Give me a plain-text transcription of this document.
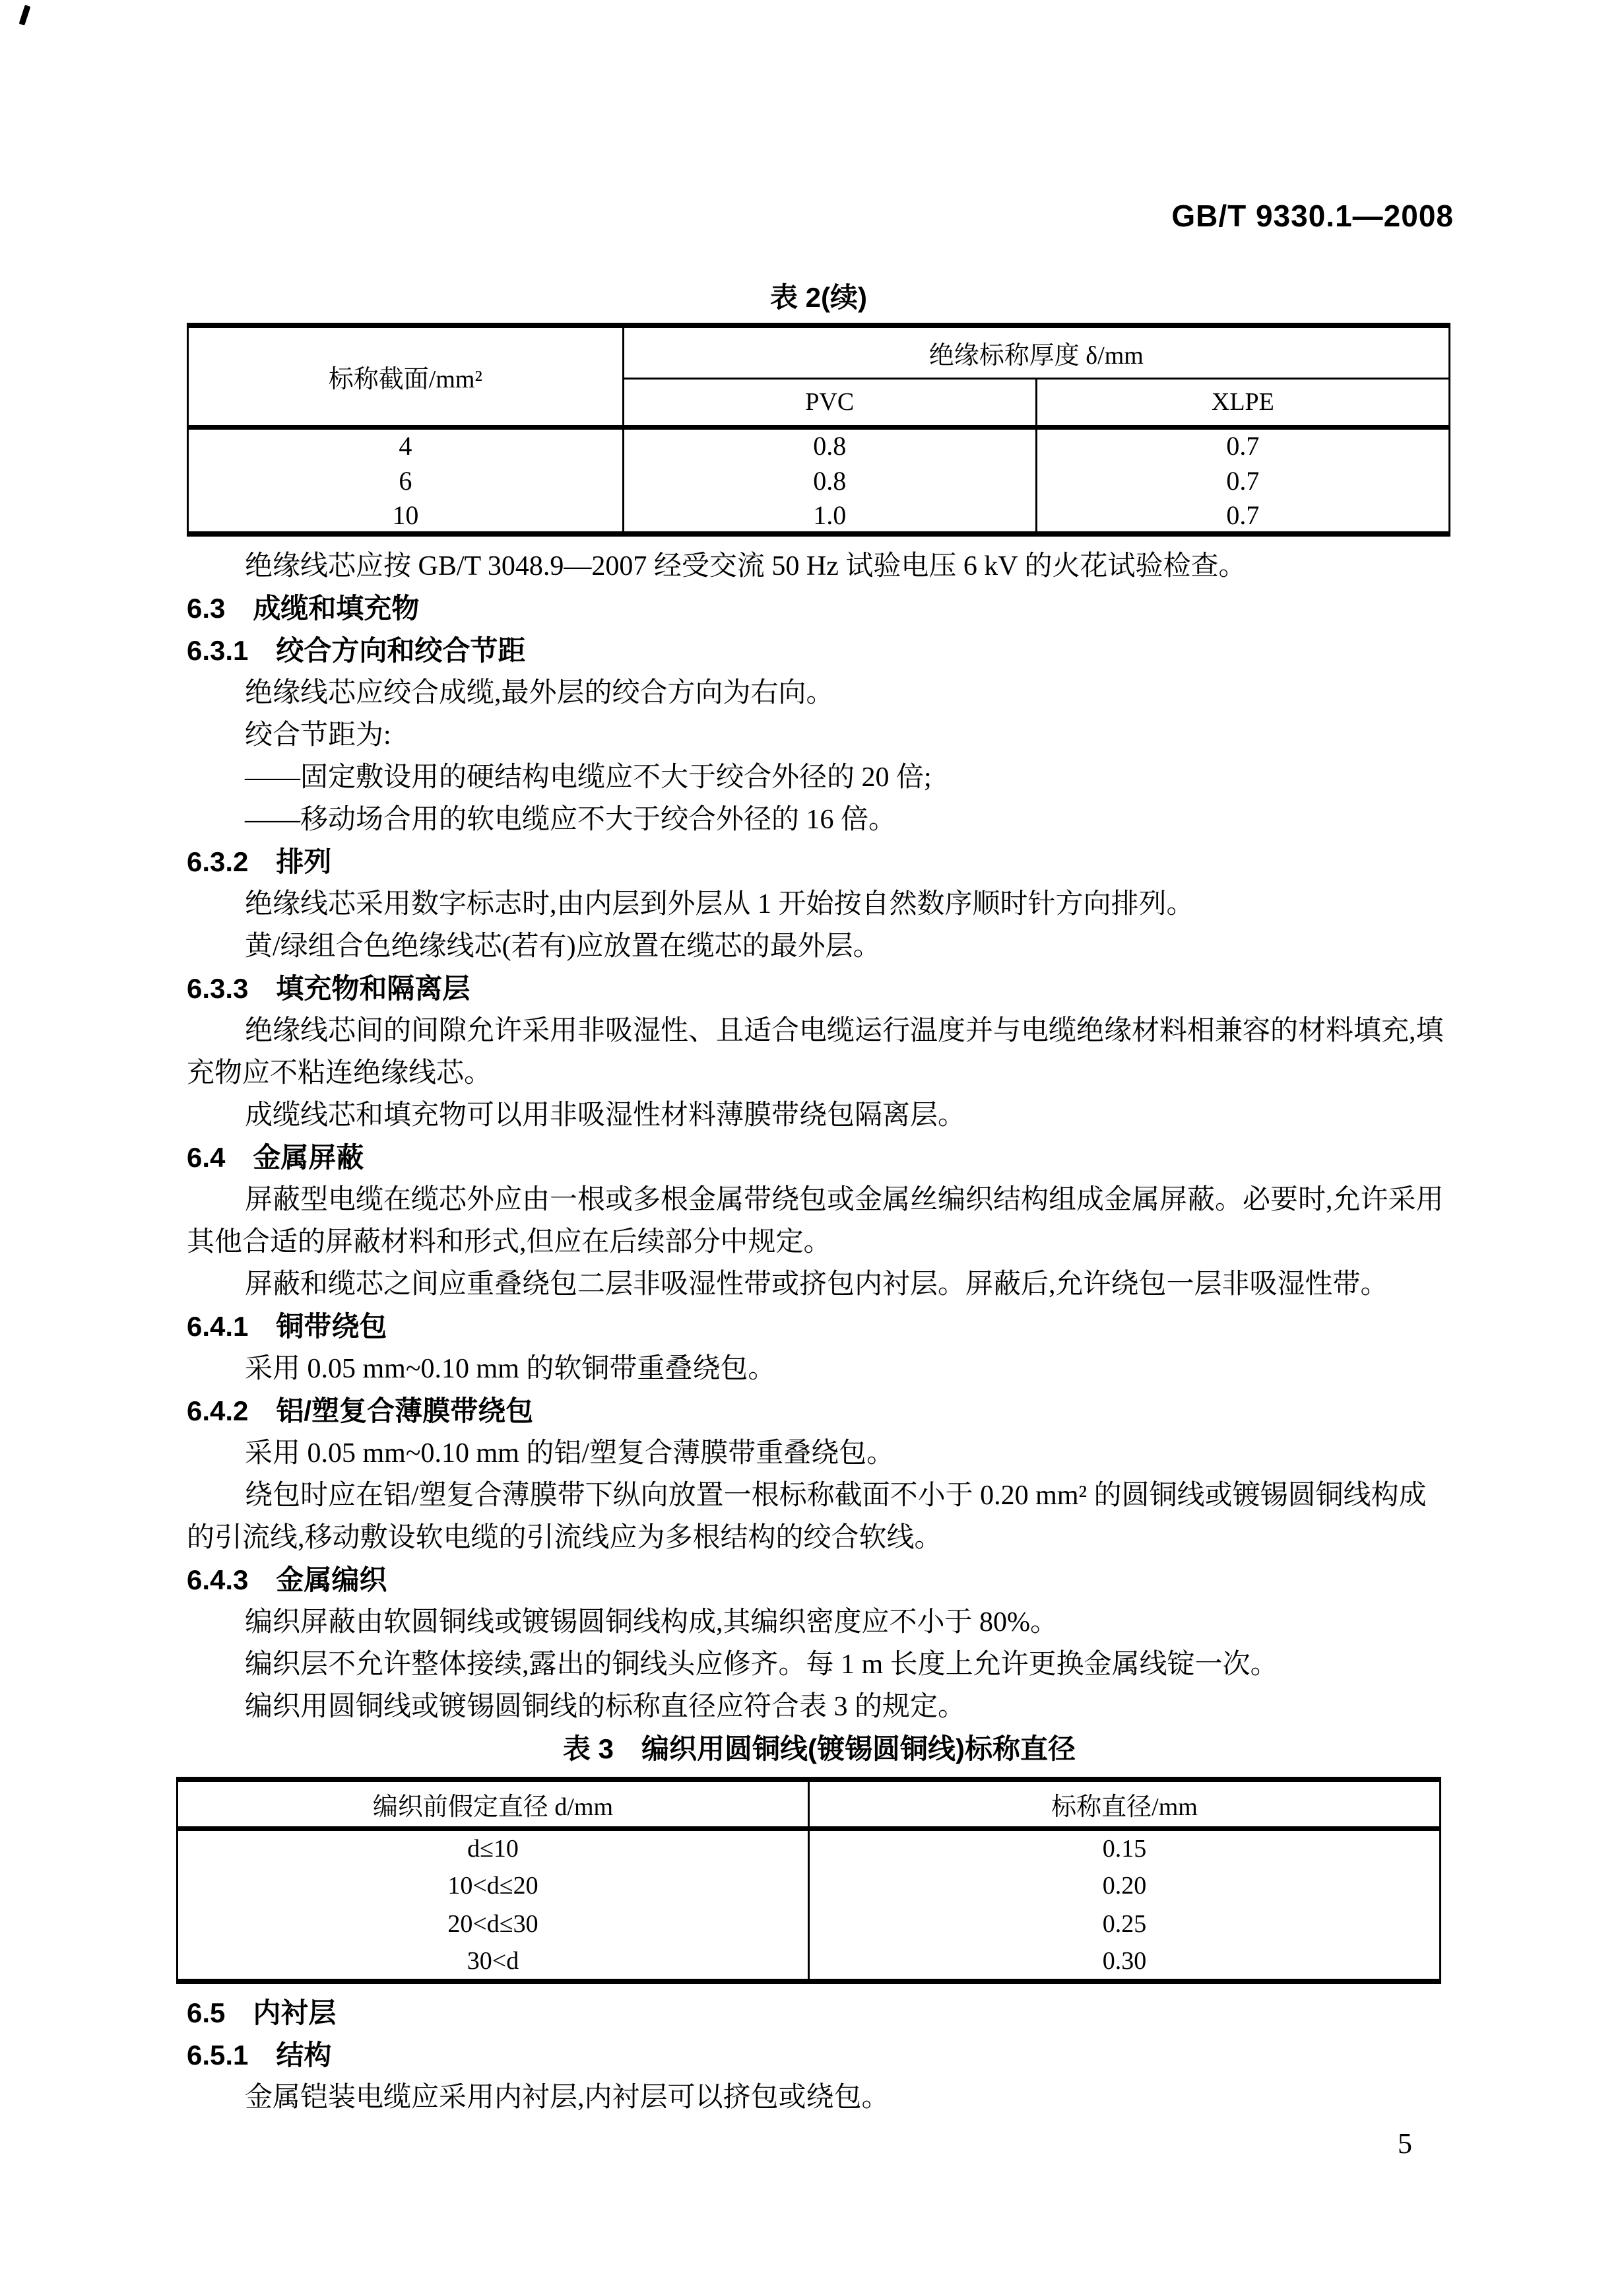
GB/T 9330.1—2008
表 2(续)
标称截面/mm²	绝缘标称厚度 δ/mm	
	PVC	XLPE
4	0.8	0.7
6	0.8	0.7
10	1.0	0.7
绝缘线芯应按 GB/T 3048.9—2007 经受交流 50 Hz 试验电压 6 kV 的火花试验检查。
6.3　成缆和填充物
6.3.1　绞合方向和绞合节距
绝缘线芯应绞合成缆,最外层的绞合方向为右向。
绞合节距为:
——固定敷设用的硬结构电缆应不大于绞合外径的 20 倍;
——移动场合用的软电缆应不大于绞合外径的 16 倍。
6.3.2　排列
绝缘线芯采用数字标志时,由内层到外层从 1 开始按自然数序顺时针方向排列。
黄/绿组合色绝缘线芯(若有)应放置在缆芯的最外层。
6.3.3　填充物和隔离层
绝缘线芯间的间隙允许采用非吸湿性、且适合电缆运行温度并与电缆绝缘材料相兼容的材料填充,填充物应不粘连绝缘线芯。
成缆线芯和填充物可以用非吸湿性材料薄膜带绕包隔离层。
6.4　金属屏蔽
屏蔽型电缆在缆芯外应由一根或多根金属带绕包或金属丝编织结构组成金属屏蔽。必要时,允许采用其他合适的屏蔽材料和形式,但应在后续部分中规定。
屏蔽和缆芯之间应重叠绕包二层非吸湿性带或挤包内衬层。屏蔽后,允许绕包一层非吸湿性带。
6.4.1　铜带绕包
采用 0.05 mm~0.10 mm 的软铜带重叠绕包。
6.4.2　铝/塑复合薄膜带绕包
采用 0.05 mm~0.10 mm 的铝/塑复合薄膜带重叠绕包。
绕包时应在铝/塑复合薄膜带下纵向放置一根标称截面不小于 0.20 mm² 的圆铜线或镀锡圆铜线构成的引流线,移动敷设软电缆的引流线应为多根结构的绞合软线。
6.4.3　金属编织
编织屏蔽由软圆铜线或镀锡圆铜线构成,其编织密度应不小于 80%。
编织层不允许整体接续,露出的铜线头应修齐。每 1 m 长度上允许更换金属线锭一次。
编织用圆铜线或镀锡圆铜线的标称直径应符合表 3 的规定。
表 3　编织用圆铜线(镀锡圆铜线)标称直径
编织前假定直径 d/mm	标称直径/mm
d≤10	0.15
10<d≤20	0.20
20<d≤30	0.25
30<d	0.30
6.5　内衬层
6.5.1　结构
金属铠装电缆应采用内衬层,内衬层可以挤包或绕包。
5
